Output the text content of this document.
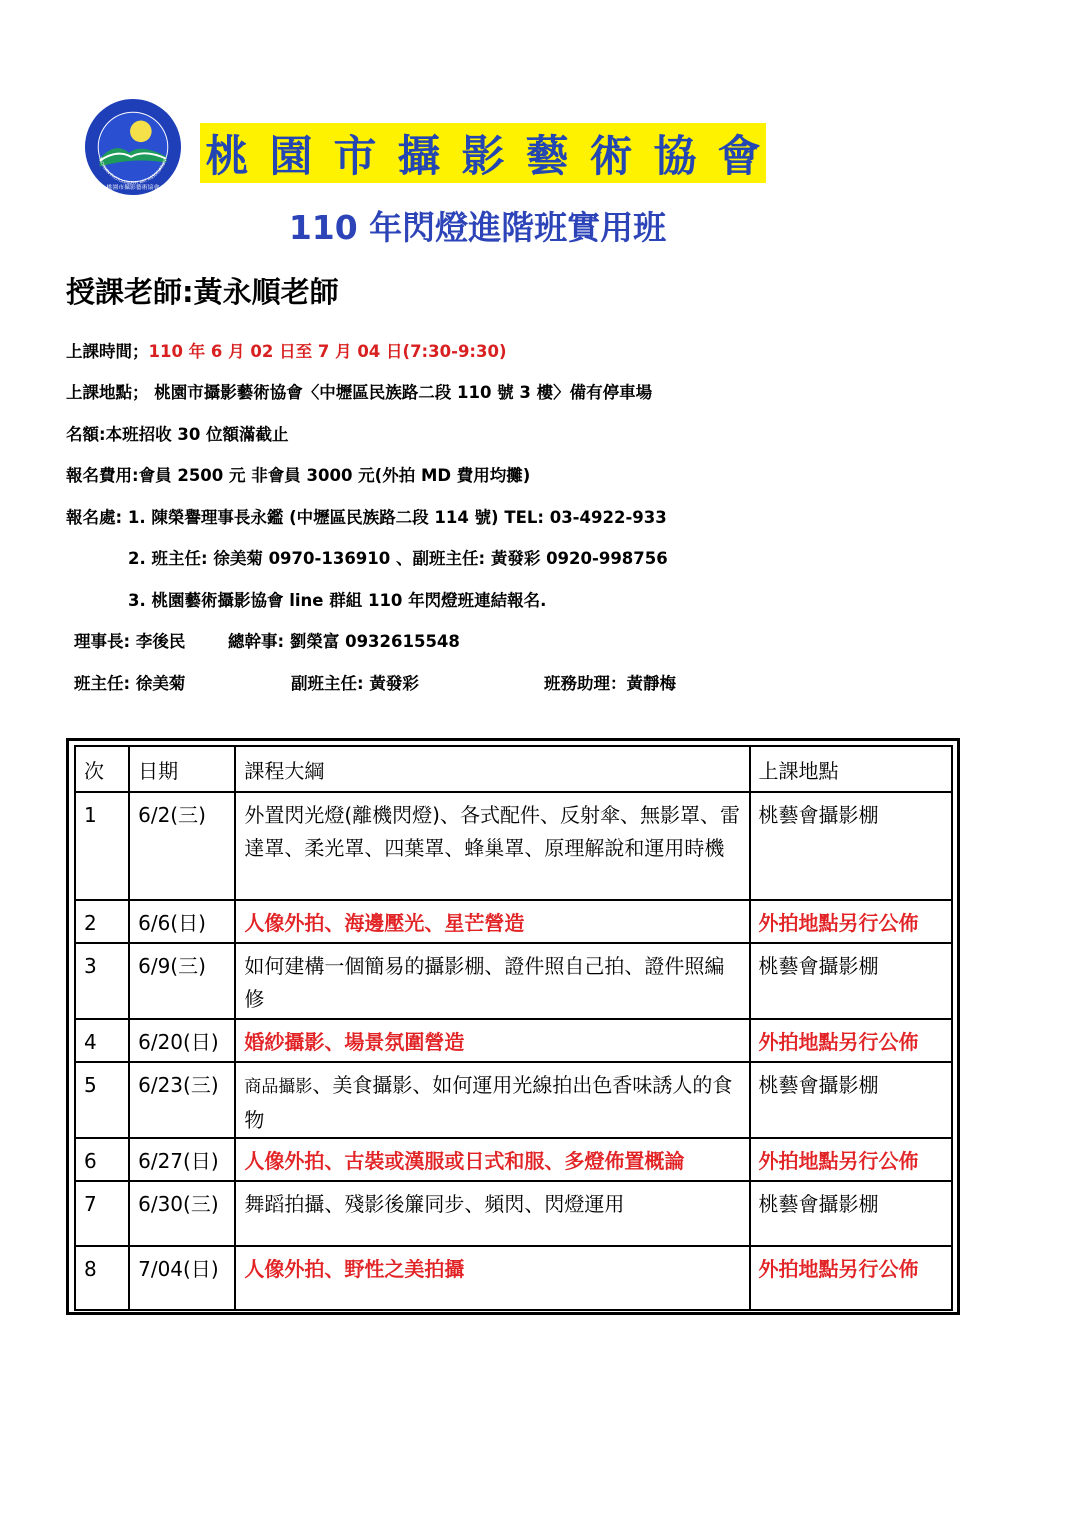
TAOYUAN PHOTOGRAPHY ART ASSOCIATION
桃園市攝影藝術協會
桃園市攝影藝術協會
110 年閃燈進階班實用班
授課老師:黃永順老師
上課時間；110 年 6 月 02 日至 7 月 04 日(7:30-9:30)
上課地點； 桃園市攝影藝術協會〈中壢區民族路二段 110 號 3 樓〉備有停車場
名額:本班招收 30 位額滿截止
報名費用:會員 2500 元 非會員 3000 元(外拍 MD 費用均攤)
報名處: 1. 陳榮譽理事長永鑑 (中壢區民族路二段 114 號) TEL: 03-4922-933
2. 班主任: 徐美菊 0970-136910 、副班主任: 黃發彩 0920-998756
3. 桃園藝術攝影協會 line 群組 110 年閃燈班連結報名.
理事長: 李後民	總幹事: 劉榮富 0932615548
班主任: 徐美菊	副班主任: 黃發彩	班務助理：黃靜梅
次	日期	課程大綱	上課地點
1	6/2(三)	外置閃光燈(離機閃燈)、各式配件、反射傘、無影罩、雷達罩、柔光罩、四葉罩、蜂巢罩、原理解說和運用時機	桃藝會攝影棚
2	6/6(日)	人像外拍、海邊壓光、星芒營造	外拍地點另行公佈
3	6/9(三)	如何建構一個簡易的攝影棚、證件照自己拍、證件照編修	桃藝會攝影棚
4	6/20(日)	婚紗攝影、場景氛圍營造	外拍地點另行公佈
5	6/23(三)	商品攝影、美食攝影、如何運用光線拍出色香味誘人的食物	桃藝會攝影棚
6	6/27(日)	人像外拍、古裝或漢服或日式和服、多燈佈置概論	外拍地點另行公佈
7	6/30(三)	舞蹈拍攝、殘影後簾同步、頻閃、閃燈運用	桃藝會攝影棚
8	7/04(日)	人像外拍、野性之美拍攝	外拍地點另行公佈
